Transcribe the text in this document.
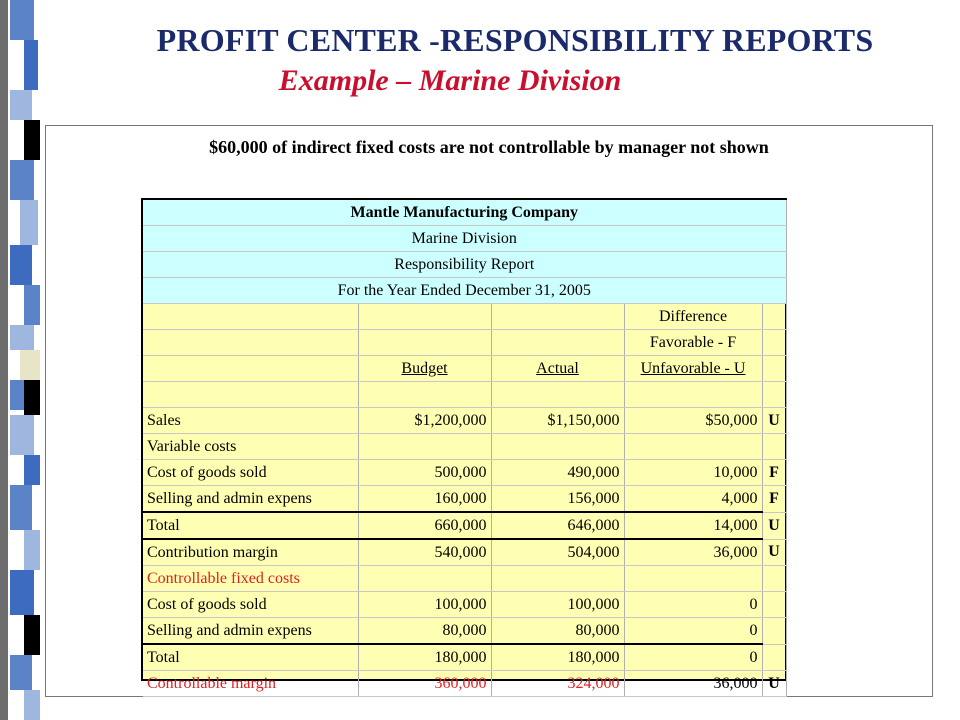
PROFIT CENTER -RESPONSIBILITY REPORTS
Example – Marine Division
$60,000 of indirect fixed costs are not controllable by manager not shown
Mantle Manufacturing Company				
Marine Division				
Responsibility Report				
For the Year Ended December 31, 2005				
			Difference	
			Favorable - F	
	Budget	Actual	Unfavorable - U	

Sales	$1,200,000	$1,150,000	$50,000	U
Variable costs				
Cost of goods sold	500,000	490,000	10,000	F
Selling and admin expens	160,000	156,000	4,000	F
Total	660,000	646,000	14,000	U
Contribution margin	540,000	504,000	36,000	U
Controllable fixed costs				
Cost of goods sold	100,000	100,000	0	
Selling and admin expens	80,000	80,000	0	
Total	180,000	180,000	0	
Controllable margin	360,000	324,000	36,000	U
